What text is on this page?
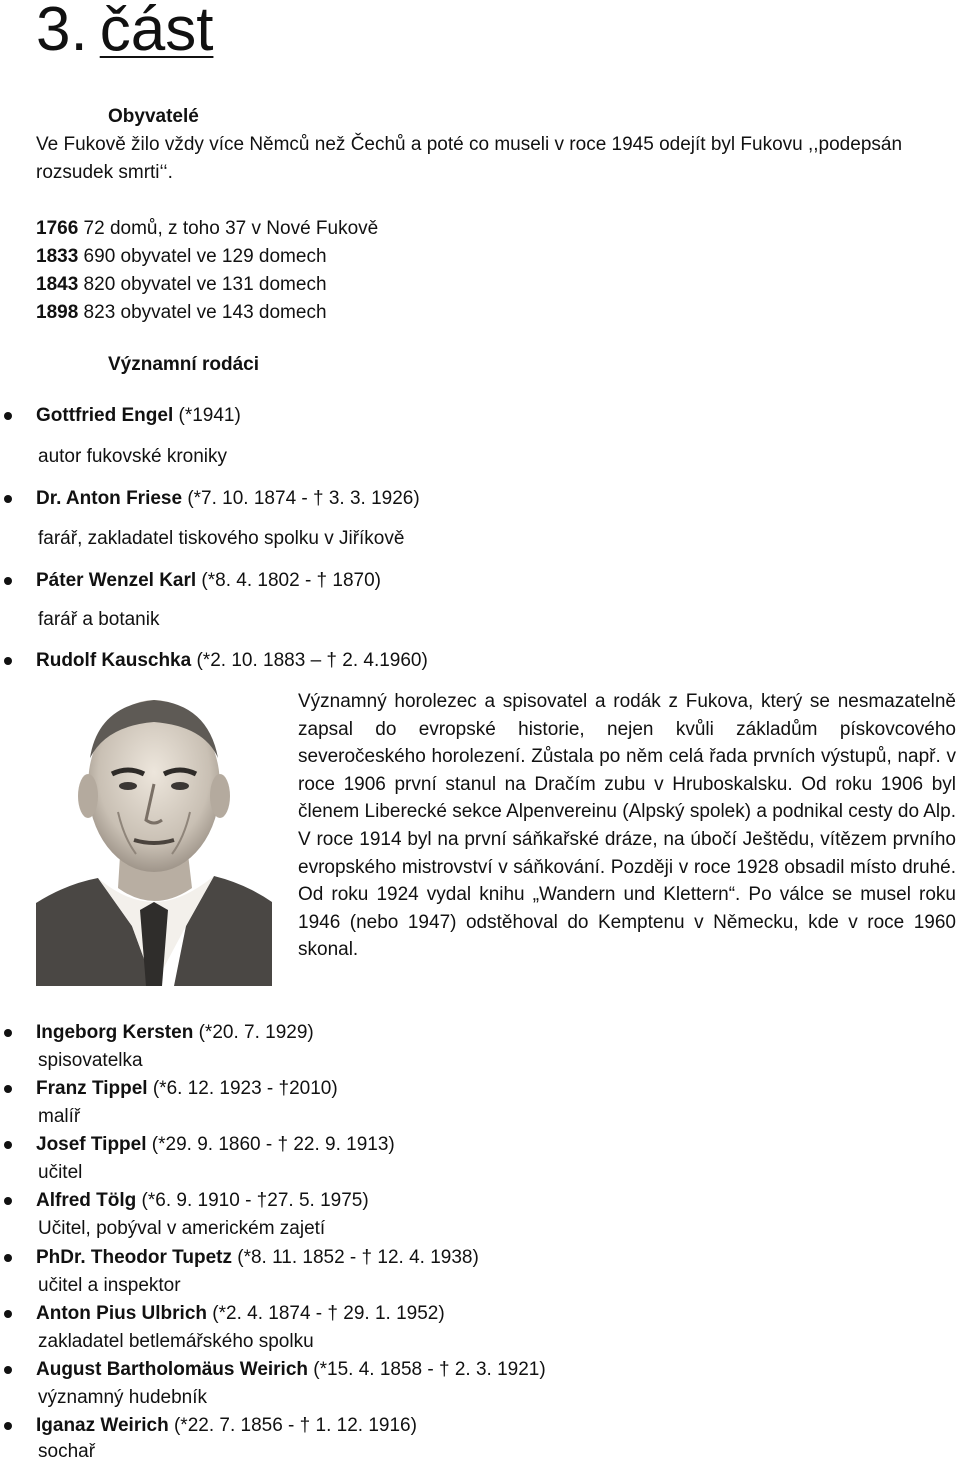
3. část
Obyvatelé
Ve Fukově žilo vždy více Němců než Čechů a poté co museli v roce 1945 odejít byl Fukovu ,,podepsán
rozsudek smrti‘‘.
1766 72 domů, z toho 37 v Nové Fukově
1833 690 obyvatel ve 129 domech
1843 820 obyvatel ve 131 domech
1898 823 obyvatel ve 143 domech
Významní rodáci
Gottfried Engel (*1941)
autor fukovské kroniky
Dr. Anton Friese (*7. 10. 1874 - † 3. 3. 1926)
farář, zakladatel tiskového spolku v Jiříkově
Páter Wenzel Karl (*8. 4. 1802 - † 1870)
farář a botanik
Rudolf Kauschka (*2. 10. 1883 – † 2. 4.1960)
Významný horolezec a spisovatel a rodák z Fukova, který se nesmazatelně zapsal do evropské historie, nejen kvůli základům pískovcového severočeského horolezení. Zůstala po něm celá řada prvních výstupů, např. v roce 1906 první stanul na Dračím zubu v Hruboskalsku. Od roku 1906 byl členem Liberecké sekce Alpenvereinu (Alpský spolek) a podnikal cesty do Alp. V roce 1914 byl na první sáňkařské dráze, na úbočí Ještědu, vítězem prvního evropského mistrovství v sáňkování. Později v roce 1928 obsadil místo druhé. Od roku 1924 vydal knihu „Wandern und Klettern“. Po válce se musel roku 1946 (nebo 1947) odstěhoval do Kemptenu v Německu, kde v roce 1960 skonal.
Ingeborg Kersten (*20. 7. 1929)
spisovatelka
Franz Tippel (*6. 12. 1923 - †2010)
malíř
Josef Tippel (*29. 9. 1860 - † 22. 9. 1913)
učitel
Alfred Tölg (*6. 9. 1910 - †27. 5. 1975)
Učitel, pobýval v americkém zajetí
PhDr. Theodor Tupetz (*8. 11. 1852 - † 12. 4. 1938)
učitel a inspektor
Anton Pius Ulbrich (*2. 4. 1874 - † 29. 1. 1952)
zakladatel betlemářského spolku
August Bartholomäus Weirich (*15. 4. 1858 - † 2. 3. 1921)
významný hudebník
Iganaz Weirich (*22. 7. 1856 - † 1. 12. 1916)
sochař
